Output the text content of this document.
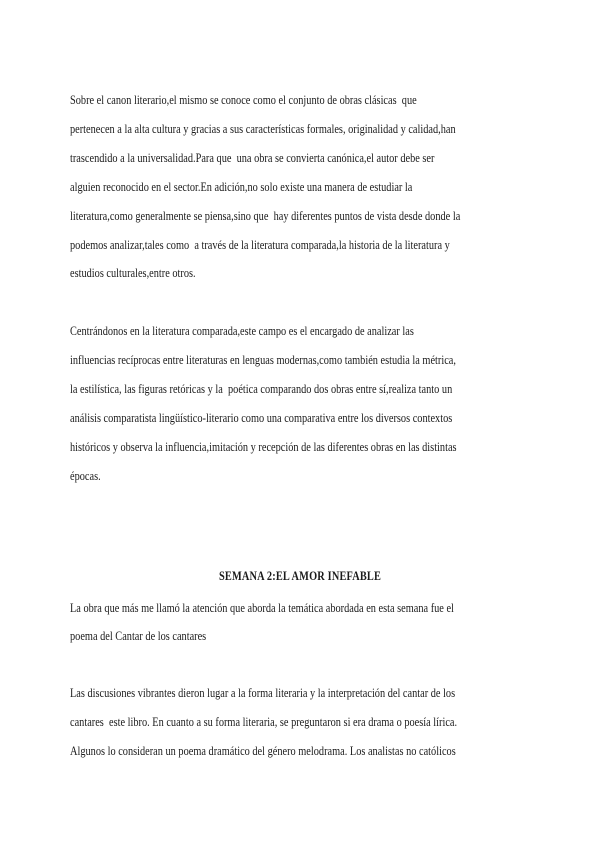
Sobre el canon literario,el mismo se conoce como el conjunto de obras clásicas  que
pertenecen a la alta cultura y gracias a sus características formales, originalidad y calidad,han
trascendido a la universalidad.Para que  una obra se convierta canónica,el autor debe ser
alguien reconocido en el sector.En adición,no solo existe una manera de estudiar la
literatura,como generalmente se piensa,sino que  hay diferentes puntos de vista desde donde la
podemos analizar,tales como  a través de la literatura comparada,la historia de la literatura y
estudios culturales,entre otros.
Centrándonos en la literatura comparada,este campo es el encargado de analizar las
influencias recíprocas entre literaturas en lenguas modernas,como también estudia la métrica,
la estilística, las figuras retóricas y la  poética comparando dos obras entre sí,realiza tanto un
análisis comparatista lingüístico-literario como una comparativa entre los diversos contextos
históricos y observa la influencia,imitación y recepción de las diferentes obras en las distintas
épocas.
SEMANA 2:EL AMOR INEFABLE
La obra que más me llamó la atención que aborda la temática abordada en esta semana fue el
poema del Cantar de los cantares
Las discusiones vibrantes dieron lugar a la forma literaria y la interpretación del cantar de los
cantares  este libro. En cuanto a su forma literaria, se preguntaron si era drama o poesía lírica.
Algunos lo consideran un poema dramático del género melodrama. Los analistas no católicos
